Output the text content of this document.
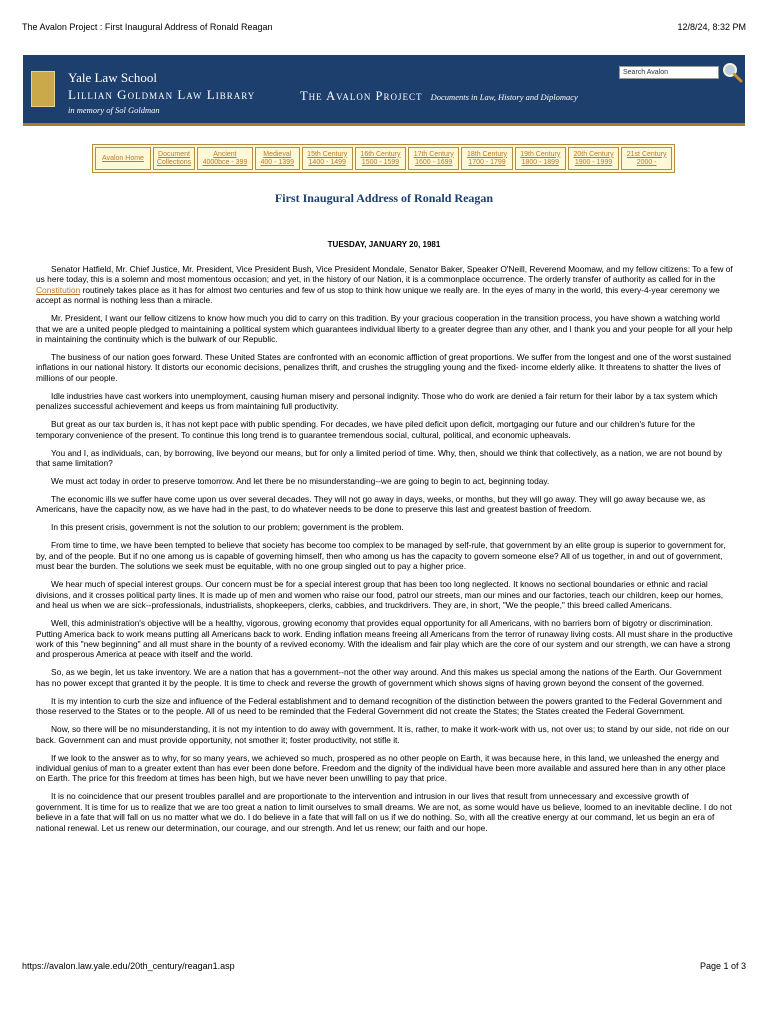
The Avalon Project : First Inaugural Address of Ronald Reagan	12/8/24, 8:32 PM
Yale Law School
Lillian Goldman Law Library
in memory of Sol Goldman
The Avalon Project Documents in Law, History and Diplomacy
Search Avalon
Avalon Home
Document
Collections
Ancient
4000bce - 399
Medieval
400 - 1399
15th Century
1400 - 1499
16th Century
1500 - 1599
17th Century
1600 - 1699
18th Century
1700 - 1799
19th Century
1800 - 1899
20th Century
1900 - 1999
21st Century
2000 -
First Inaugural Address of Ronald Reagan
TUESDAY, JANUARY 20, 1981

Senator Hatfield, Mr. Chief Justice, Mr. President, Vice President Bush, Vice President Mondale, Senator Baker, Speaker O'Neill, Reverend Moomaw, and my fellow citizens: To a few of us here today, this is a solemn and most momentous occasion; and yet, in the history of our Nation, it is a commonplace occurrence. The orderly transfer of authority as called for in the Constitution routinely takes place as it has for almost two centuries and few of us stop to think how unique we really are. In the eyes of many in the world, this every-4-year ceremony we accept as normal is nothing less than a miracle.

Mr. President, I want our fellow citizens to know how much you did to carry on this tradition. By your gracious cooperation in the transition process, you have shown a watching world that we are a united people pledged to maintaining a political system which guarantees individual liberty to a greater degree than any other, and I thank you and your people for all your help in maintaining the continuity which is the bulwark of our Republic.

The business of our nation goes forward. These United States are confronted with an economic affliction of great proportions. We suffer from the longest and one of the worst sustained inflations in our national history. It distorts our economic decisions, penalizes thrift, and crushes the struggling young and the fixed- income elderly alike. It threatens to shatter the lives of millions of our people.

Idle industries have cast workers into unemployment, causing human misery and personal indignity. Those who do work are denied a fair return for their labor by a tax system which penalizes successful achievement and keeps us from maintaining full productivity.

But great as our tax burden is, it has not kept pace with public spending. For decades, we have piled deficit upon deficit, mortgaging our future and our children's future for the temporary convenience of the present. To continue this long trend is to guarantee tremendous social, cultural, political, and economic upheavals.

You and I, as individuals, can, by borrowing, live beyond our means, but for only a limited period of time. Why, then, should we think that collectively, as a nation, we are not bound by that same limitation?

We must act today in order to preserve tomorrow. And let there be no misunderstanding--we are going to begin to act, beginning today.

The economic ills we suffer have come upon us over several decades. They will not go away in days, weeks, or months, but they will go away. They will go away because we, as Americans, have the capacity now, as we have had in the past, to do whatever needs to be done to preserve this last and greatest bastion of freedom.

In this present crisis, government is not the solution to our problem; government is the problem.

From time to time, we have been tempted to believe that society has become too complex to be managed by self-rule, that government by an elite group is superior to government for, by, and of the people. But if no one among us is capable of governing himself, then who among us has the capacity to govern someone else? All of us together, in and out of government, must bear the burden. The solutions we seek must be equitable, with no one group singled out to pay a higher price.

We hear much of special interest groups. Our concern must be for a special interest group that has been too long neglected. It knows no sectional boundaries or ethnic and racial divisions, and it crosses political party lines. It is made up of men and women who raise our food, patrol our streets, man our mines and our factories, teach our children, keep our homes, and heal us when we are sick--professionals, industrialists, shopkeepers, clerks, cabbies, and truckdrivers. They are, in short, "We the people," this breed called Americans.

Well, this administration's objective will be a healthy, vigorous, growing economy that provides equal opportunity for all Americans, with no barriers born of bigotry or discrimination. Putting America back to work means putting all Americans back to work. Ending inflation means freeing all Americans from the terror of runaway living costs. All must share in the productive work of this "new beginning" and all must share in the bounty of a revived economy. With the idealism and fair play which are the core of our system and our strength, we can have a strong and prosperous America at peace with itself and the world.

So, as we begin, let us take inventory. We are a nation that has a government--not the other way around. And this makes us special among the nations of the Earth. Our Government has no power except that granted it by the people. It is time to check and reverse the growth of government which shows signs of having grown beyond the consent of the governed.

It is my intention to curb the size and influence of the Federal establishment and to demand recognition of the distinction between the powers granted to the Federal Government and those reserved to the States or to the people. All of us need to be reminded that the Federal Government did not create the States; the States created the Federal Government.

Now, so there will be no misunderstanding, it is not my intention to do away with government. It is, rather, to make it work-work with us, not over us; to stand by our side, not ride on our back. Government can and must provide opportunity, not smother it; foster productivity, not stifle it.

If we look to the answer as to why, for so many years, we achieved so much, prospered as no other people on Earth, it was because here, in this land, we unleashed the energy and individual genius of man to a greater extent than has ever been done before. Freedom and the dignity of the individual have been more available and assured here than in any other place on Earth. The price for this freedom at times has been high, but we have never been unwilling to pay that price.

It is no coincidence that our present troubles parallel and are proportionate to the intervention and intrusion in our lives that result from unnecessary and excessive growth of government. It is time for us to realize that we are too great a nation to limit ourselves to small dreams. We are not, as some would have us believe, loomed to an inevitable decline. I do not believe in a fate that will fall on us no matter what we do. I do believe in a fate that will fall on us if we do nothing. So, with all the creative energy at our command, let us begin an era of national renewal. Let us renew our determination, our courage, and our strength. And let us renew; our faith and our hope.

https://avalon.law.yale.edu/20th_century/reagan1.asp	Page 1 of 3
